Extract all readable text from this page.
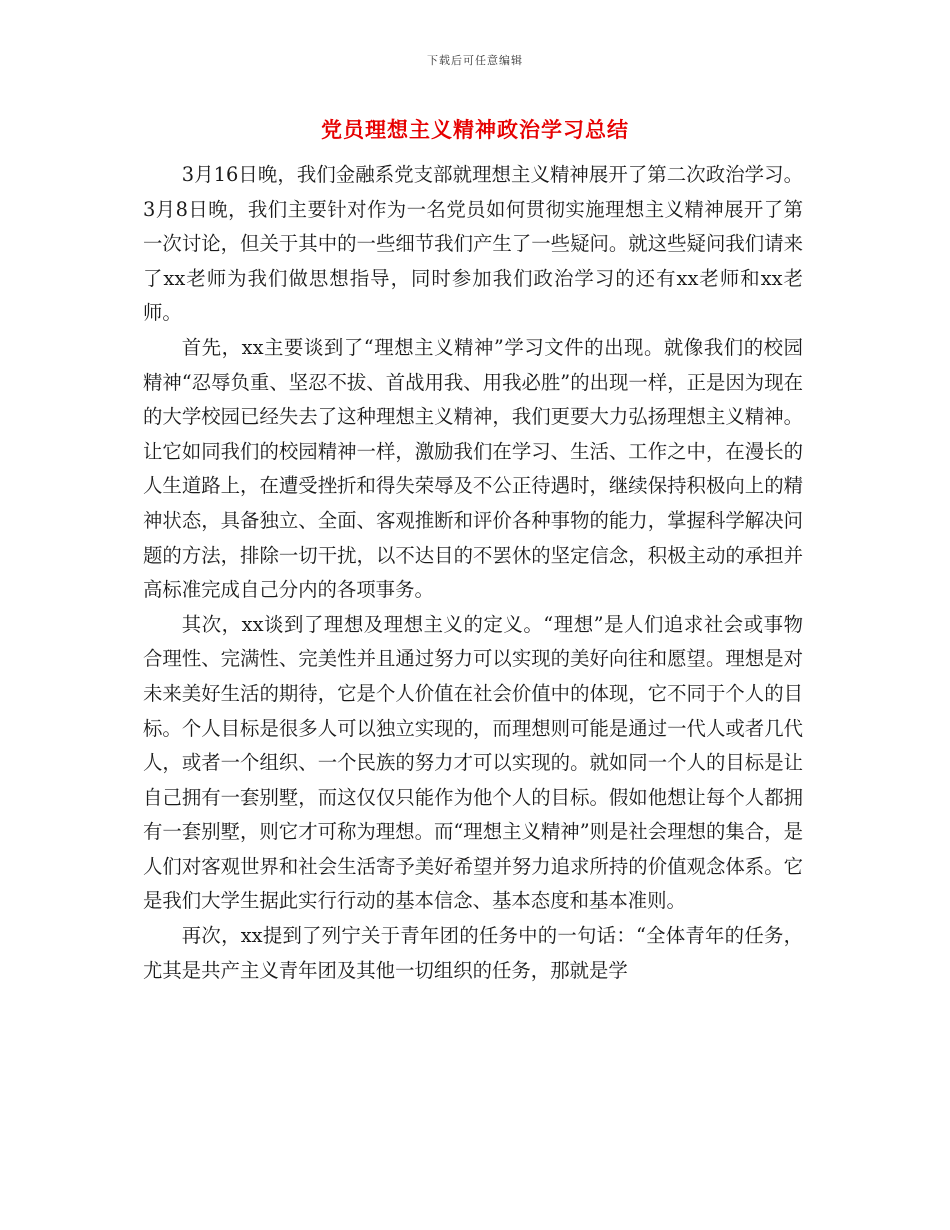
下载后可任意编辑
党员理想主义精神政治学习总结

3月16日晚，我们金融系党支部就理想主义精神展开了第二次政治学习。3月8日晚，我们主要针对作为一名党员如何贯彻实施理想主义精神展开了第一次讨论，但关于其中的一些细节我们产生了一些疑问。就这些疑问我们请来了xx老师为我们做思想指导，同时参加我们政治学习的还有xx老师和xx老师。

首先，xx主要谈到了“理想主义精神”学习文件的出现。就像我们的校园精神“忍辱负重、坚忍不拔、首战用我、用我必胜”的出现一样，正是因为现在的大学校园已经失去了这种理想主义精神，我们更要大力弘扬理想主义精神。让它如同我们的校园精神一样，激励我们在学习、生活、工作之中，在漫长的人生道路上，在遭受挫折和得失荣辱及不公正待遇时，继续保持积极向上的精神状态，具备独立、全面、客观推断和评价各种事物的能力，掌握科学解决问题的方法，排除一切干扰，以不达目的不罢休的坚定信念，积极主动的承担并高标准完成自己分内的各项事务。

其次，xx谈到了理想及理想主义的定义。“理想”是人们追求社会或事物合理性、完满性、完美性并且通过努力可以实现的美好向往和愿望。理想是对未来美好生活的期待，它是个人价值在社会价值中的体现，它不同于个人的目标。个人目标是很多人可以独立实现的，而理想则可能是通过一代人或者几代人，或者一个组织、一个民族的努力才可以实现的。就如同一个人的目标是让自己拥有一套别墅，而这仅仅只能作为他个人的目标。假如他想让每个人都拥有一套别墅，则它才可称为理想。而“理想主义精神”则是社会理想的集合，是人们对客观世界和社会生活寄予美好希望并努力追求所持的价值观念体系。它是我们大学生据此实行行动的基本信念、基本态度和基本准则。

再次，xx提到了列宁关于青年团的任务中的一句话：“全体青年的任务，尤其是共产主义青年团及其他一切组织的任务，那就是学
